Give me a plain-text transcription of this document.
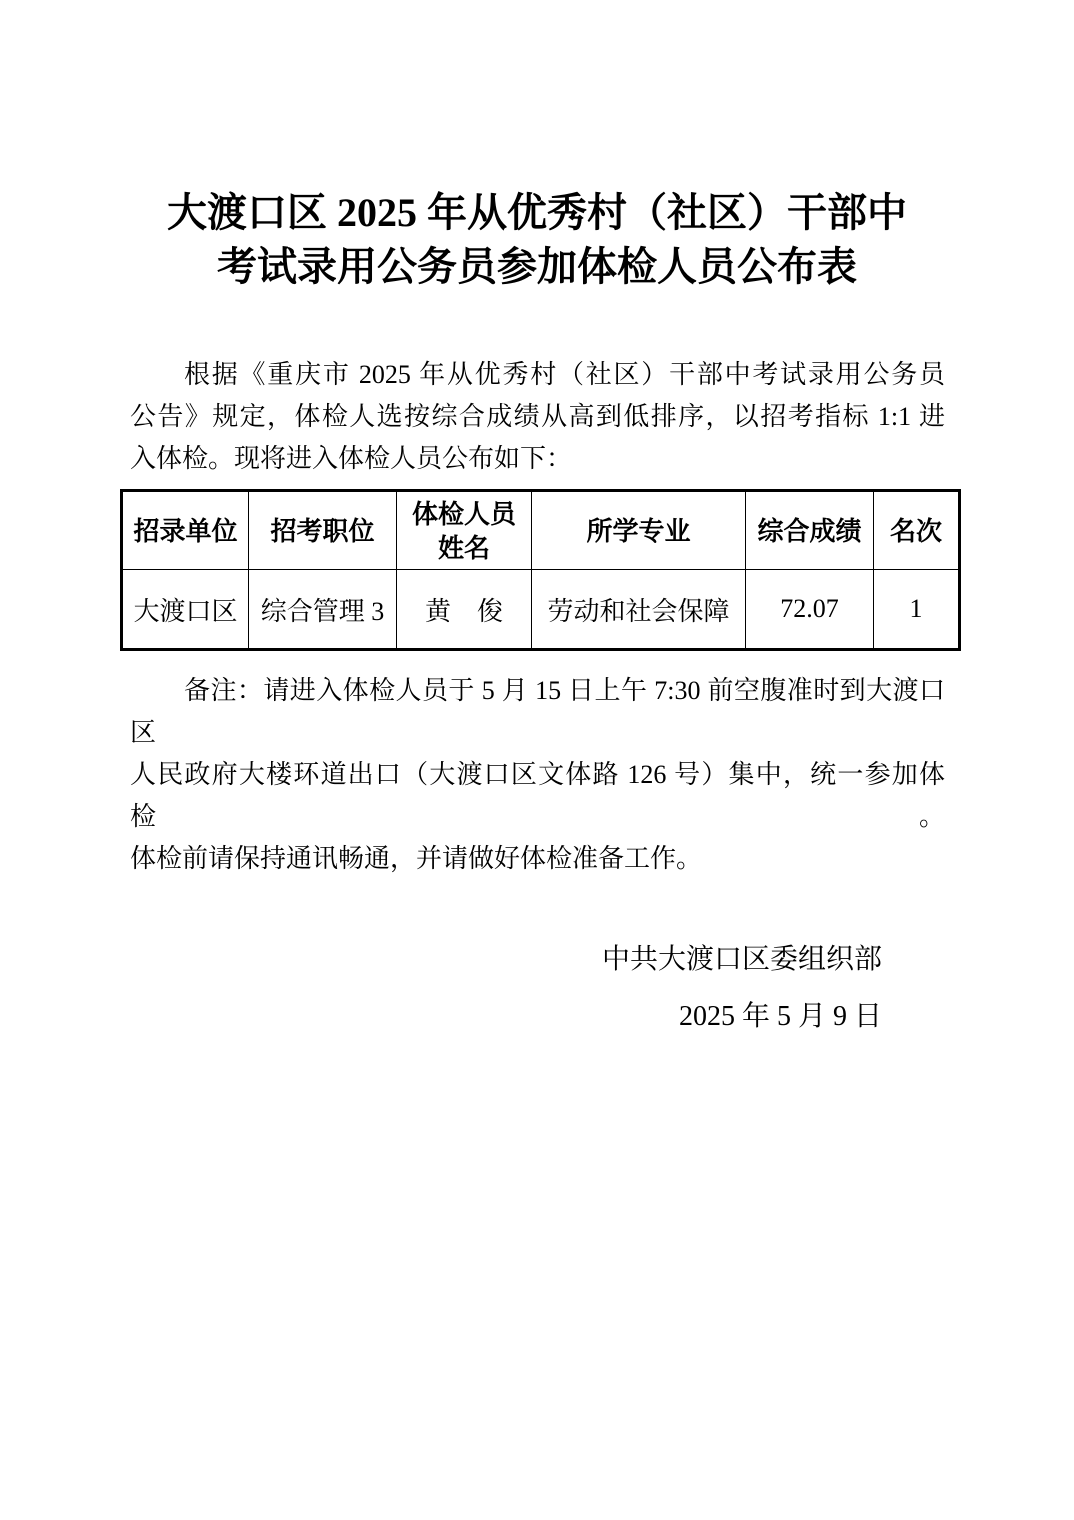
大渡口区 2025 年从优秀村（社区）干部中
考试录用公务员参加体检人员公布表
根据《重庆市 2025 年从优秀村（社区）干部中考试录用公务员
公告》规定，体检人选按综合成绩从高到低排序，以招考指标 1:1 进
入体检。现将进入体检人员公布如下：
招录单位	招考职位	体检人员姓名	所学专业	综合成绩	名次
大渡口区	综合管理 3	黄　俊	劳动和社会保障	72.07	1
备注：请进入体检人员于 5 月 15 日上午 7:30 前空腹准时到大渡口区
人民政府大楼环道出口（大渡口区文体路 126 号）集中，统一参加体检。
体检前请保持通讯畅通，并请做好体检准备工作。
中共大渡口区委组织部
2025 年 5 月 9 日
